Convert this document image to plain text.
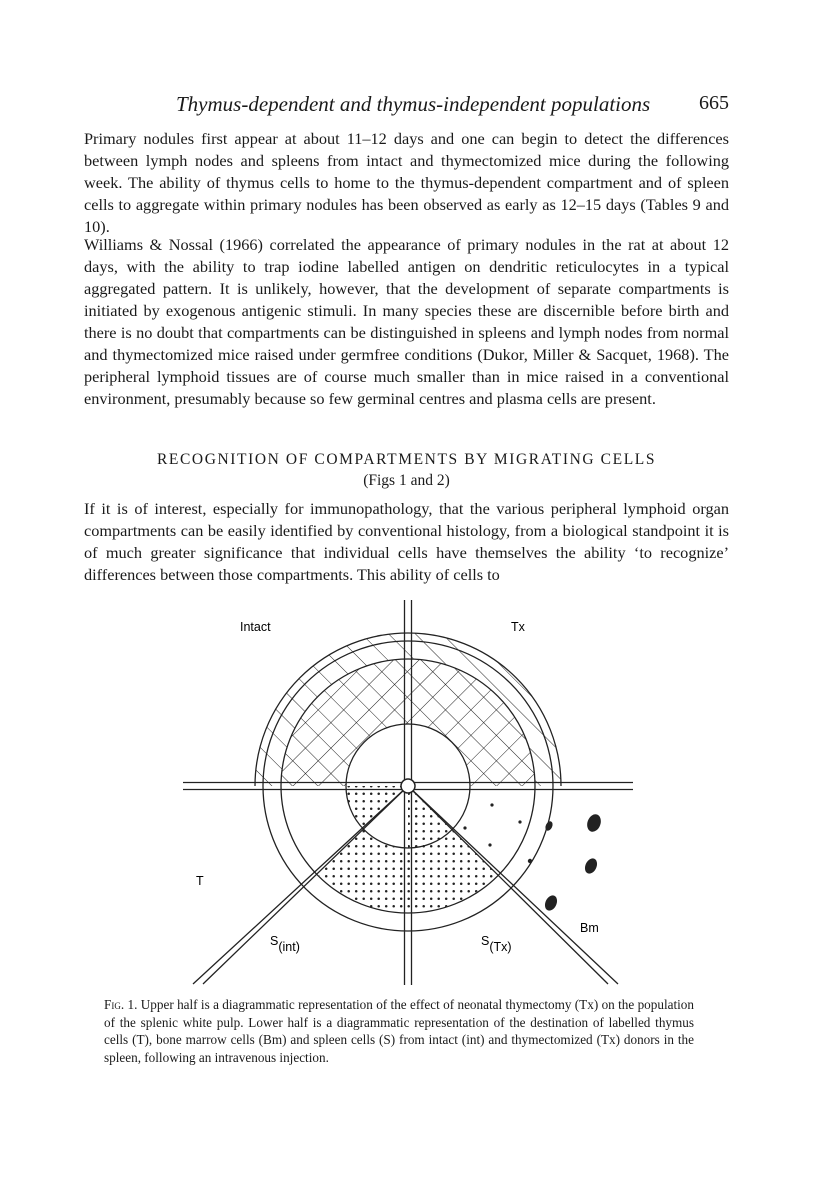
Thymus-dependent and thymus-independent populations 665

Primary nodules first appear at about 11–12 days and one can begin to detect the differences between lymph nodes and spleens from intact and thymectomized mice during the following week. The ability of thymus cells to home to the thymus-dependent compartment and of spleen cells to aggregate within primary nodules has been observed as early as 12–15 days (Tables 9 and 10).

Williams & Nossal (1966) correlated the appearance of primary nodules in the rat at about 12 days, with the ability to trap iodine labelled antigen on dendritic reticulocytes in a typical aggregated pattern. It is unlikely, however, that the development of separate compartments is initiated by exogenous antigenic stimuli. In many species these are discernible before birth and there is no doubt that compartments can be distinguished in spleens and lymph nodes from normal and thymectomized mice raised under germfree conditions (Dukor, Miller & Sacquet, 1968). The peripheral lymphoid tissues are of course much smaller than in mice raised in a conventional environment, presumably because so few germinal centres and plasma cells are present.

RECOGNITION OF COMPARTMENTS BY MIGRATING CELLS
(Figs 1 and 2)

If it is of interest, especially for immunopathology, that the various peripheral lymphoid organ compartments can be easily identified by conventional histology, from a biological standpoint it is of much greater significance that individual cells have themselves the ability ‘to recognize’ differences between those compartments. This ability of cells to

Intact	Tx
T
Bm
S(int)	S(Tx)

Fig. 1. Upper half is a diagrammatic representation of the effect of neonatal thymectomy (Tx) on the population of the splenic white pulp. Lower half is a diagrammatic representation of the destination of labelled thymus cells (T), bone marrow cells (Bm) and spleen cells (S) from intact (int) and thymectomized (Tx) donors in the spleen, following an intravenous injection.
